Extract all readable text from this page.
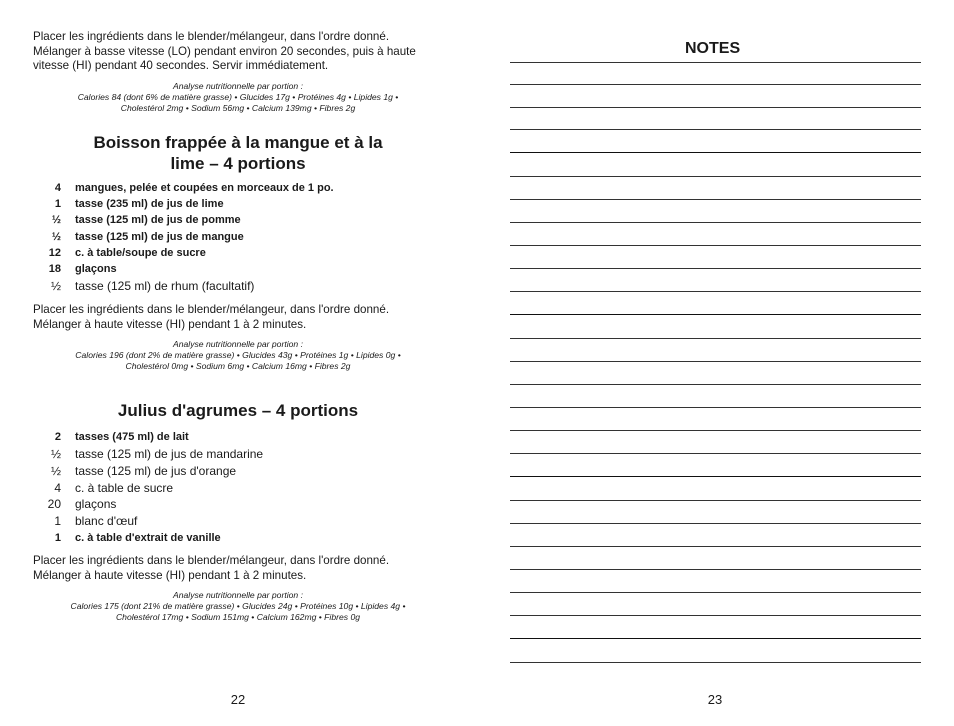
Placer les ingrédients dans le blender/mélangeur, dans l'ordre donné.
Mélanger à basse vitesse (LO) pendant environ 20 secondes, puis à haute
vitesse (HI) pendant 40 secondes. Servir immédiatement.

Analyse nutritionnelle par portion :
Calories 84 (dont 6% de matière grasse) • Glucides 17g • Protéines 4g • Lipides 1g •
Cholestérol 2mg • Sodium 56mg • Calcium 139mg • Fibres 2g

Boisson frappée à la mangue et à la
lime – 4 portions
4 mangues, pelée et coupées en morceaux de 1 po.
1 tasse (235 ml) de jus de lime
½ tasse (125 ml) de jus de pomme
½ tasse (125 ml) de jus de mangue
12 c. à table/soupe de sucre
18 glaçons
½ tasse (125 ml) de rhum (facultatif)

Placer les ingrédients dans le blender/mélangeur, dans l'ordre donné.
Mélanger à haute vitesse (HI) pendant 1 à 2 minutes.

Analyse nutritionnelle par portion :
Calories 196 (dont 2% de matière grasse) • Glucides 43g • Protéines 1g • Lipides 0g •
Cholestérol 0mg • Sodium 6mg • Calcium 16mg • Fibres 2g

Julius d'agrumes – 4 portions
2 tasses (475 ml) de lait
½ tasse (125 ml) de jus de mandarine
½ tasse (125 ml) de jus d'orange
4 c. à table de sucre
20 glaçons
1 blanc d'œuf
1 c. à table d'extrait de vanille

Placer les ingrédients dans le blender/mélangeur, dans l'ordre donné.
Mélanger à haute vitesse (HI) pendant 1 à 2 minutes.

Analyse nutritionnelle par portion :
Calories 175 (dont 21% de matière grasse) • Glucides 24g • Protéines 10g • Lipides 4g •
Cholestérol 17mg • Sodium 151mg • Calcium 162mg • Fibres 0g

22
NOTES
23
